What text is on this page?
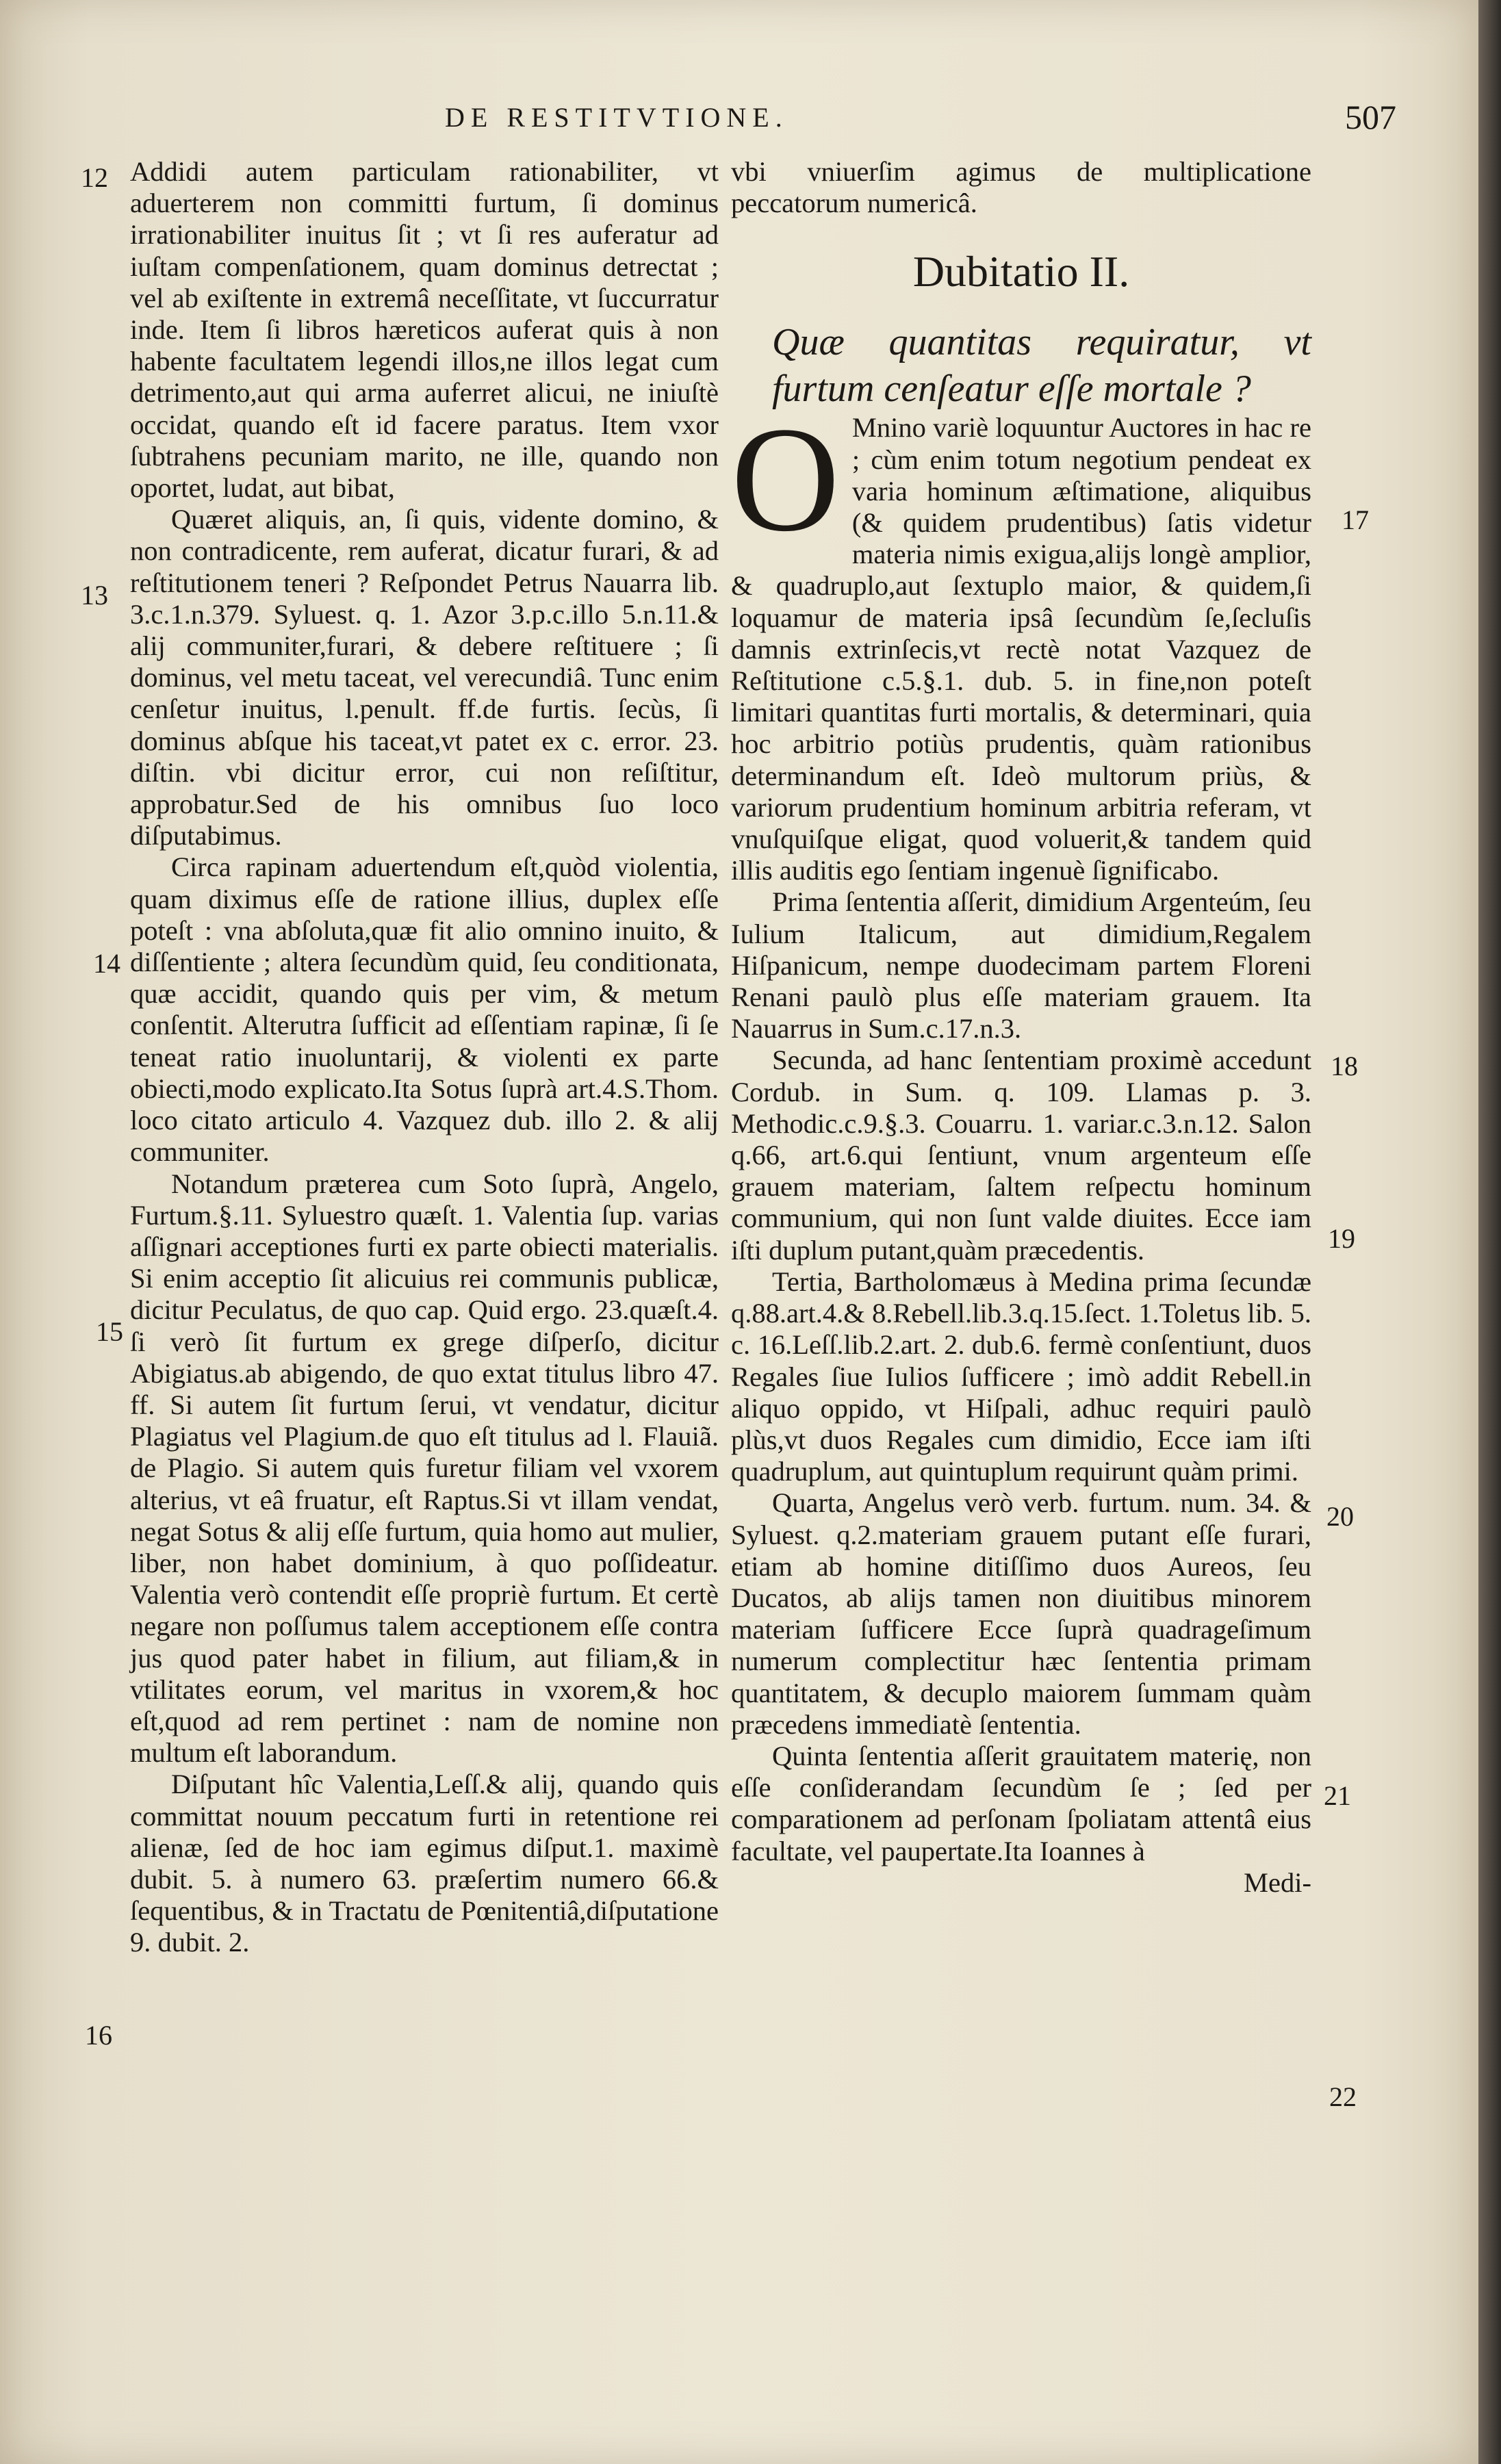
DE RESTITVTIONE.	507
12
13
14
15
16
17
18
19
20
21
22

Addidi autem particulam rationabiliter, vt aduerterem non committi furtum, ſi dominus irrationabiliter inuitus ſit ; vt ſi res auferatur ad iuſtam compenſationem, quam dominus detrectat ; vel ab exiſtente in extremâ neceſſitate, vt ſuccurratur inde. Item ſi libros hæreticos auferat quis à non habente facultatem legendi illos,ne illos legat cum detrimento,aut qui arma auferret alicui, ne iniuſtè occidat, quando eſt id facere paratus. Item vxor ſubtrahens pecuniam marito, ne ille, quando non oportet, ludat, aut bibat,

Quæret aliquis, an, ſi quis, vidente domino, & non contradicente, rem auferat, dicatur furari, & ad reſtitutionem teneri ? Reſpondet Petrus Nauarra lib. 3.c.1.n.379. Syluest. q. 1. Azor 3.p.c.illo 5.n.11.& alij communiter,furari, & debere reſtituere ; ſi dominus, vel metu taceat, vel verecundiâ. Tunc enim cenſetur inuitus, l.penult. ff.de furtis. ſecùs, ſi dominus abſque his taceat,vt patet ex c. error. 23. diſtin. vbi dicitur error, cui non reſiſtitur, approbatur.Sed de his omnibus ſuo loco diſputabimus.

Circa rapinam aduertendum eſt,quòd violentia, quam diximus eſſe de ratione illius, duplex eſſe poteſt : vna abſoluta,quæ fit alio omnino inuito, & diſſentiente ; altera ſecundùm quid, ſeu conditionata, quæ accidit, quando quis per vim, & metum conſentit. Alterutra ſufficit ad eſſentiam rapinæ, ſi ſe teneat ratio inuoluntarij, & violenti ex parte obiecti,modo explicato.Ita Sotus ſuprà art.4.S.Thom. loco citato articulo 4. Vazquez dub. illo 2. & alij communiter.

Notandum præterea cum Soto ſuprà, Angelo, Furtum.§.11. Syluestro quæſt. 1. Valentia ſup. varias aſſignari acceptiones furti ex parte obiecti materialis. Si enim acceptio ſit alicuius rei communis publicæ, dicitur Peculatus, de quo cap. Quid ergo. 23.quæſt.4. ſi verò ſit furtum ex grege diſperſo, dicitur Abigiatus.ab abigendo, de quo extat titulus libro 47. ff. Si autem ſit furtum ſerui, vt vendatur, dicitur Plagiatus vel Plagium.de quo eſt titulus ad l. Flauiã. de Plagio. Si autem quis furetur filiam vel vxorem alterius, vt eâ fruatur, eſt Raptus.Si vt illam vendat, negat Sotus & alij eſſe furtum, quia homo aut mulier, liber, non habet dominium, à quo poſſideatur. Valentia verò contendit eſſe propriè furtum. Et certè negare non poſſumus talem acceptionem eſſe contra jus quod pater habet in filium, aut filiam,& in vtilitates eorum, vel maritus in vxorem,& hoc eſt,quod ad rem pertinet : nam de nomine non multum eſt laborandum.

Diſputant hîc Valentia,Leſſ.& alij, quando quis committat nouum peccatum furti in retentione rei alienæ, ſed de hoc iam egimus diſput.1. maximè dubit. 5. à numero 63. præſertim numero 66.& ſequentibus, & in Tractatu de Pœnitentiâ,diſputatione 9. dubit. 2.

vbi vniuerſim agimus de multiplicatione peccatorum numericâ.

Dubitatio II.

Quæ quantitas requiratur, vt furtum cenſeatur eſſe mortale ?

O Mnino variè loquuntur Auctores in hac re ; cùm enim totum negotium pendeat ex varia hominum æſtimatione, aliquibus (& quidem prudentibus) ſatis videtur materia nimis exigua,alijs longè amplior, & quadruplo,aut ſextuplo maior, & quidem,ſi loquamur de materia ipsâ ſecundùm ſe,ſecluſis damnis extrinſecis,vt rectè notat Vazquez de Reſtitutione c.5.§.1. dub. 5. in fine,non poteſt limitari quantitas furti mortalis, & determinari, quia hoc arbitrio potiùs prudentis, quàm rationibus determinandum eſt. Ideò multorum priùs, & variorum prudentium hominum arbitria referam, vt vnuſquiſque eligat, quod voluerit,& tandem quid illis auditis ego ſentiam ingenuè ſignificabo.

Prima ſententia aſſerit, dimidium Argenteúm, ſeu Iulium Italicum, aut dimidium,Regalem Hiſpanicum, nempe duodecimam partem Floreni Renani paulò plus eſſe materiam grauem. Ita Nauarrus in Sum.c.17.n.3.

Secunda, ad hanc ſententiam proximè accedunt Cordub. in Sum. q. 109. Llamas p. 3. Methodic.c.9.§.3. Couarru. 1. variar.c.3.n.12. Salon q.66, art.6.qui ſentiunt, vnum argenteum eſſe grauem materiam, ſaltem reſpectu hominum communium, qui non ſunt valde diuites. Ecce iam iſti duplum putant,quàm præcedentis.

Tertia, Bartholomæus à Medina prima ſecundæ q.88.art.4.& 8.Rebell.lib.3.q.15.ſect. 1.Toletus lib. 5. c. 16.Leſſ.lib.2.art. 2. dub.6. fermè conſentiunt, duos Regales ſiue Iulios ſufficere ; imò addit Rebell.in aliquo oppido, vt Hiſpali, adhuc requiri paulò plùs,vt duos Regales cum dimidio, Ecce iam iſti quadruplum, aut quintuplum requirunt quàm primi.

Quarta, Angelus verò verb. furtum. num. 34. & Syluest. q.2.materiam grauem putant eſſe furari, etiam ab homine ditiſſimo duos Aureos, ſeu Ducatos, ab alijs tamen non diuitibus minorem materiam ſufficere Ecce ſuprà quadrageſimum numerum complectitur hæc ſententia primam quantitatem, & decuplo maiorem ſummam quàm præcedens immediatè ſententia.

Quinta ſententia aſſerit grauitatem materię, non eſſe conſiderandam ſecundùm ſe ; ſed per comparationem ad perſonam ſpoliatam attentâ eius facultate, vel paupertate.Ita Ioannes à

Medi-
